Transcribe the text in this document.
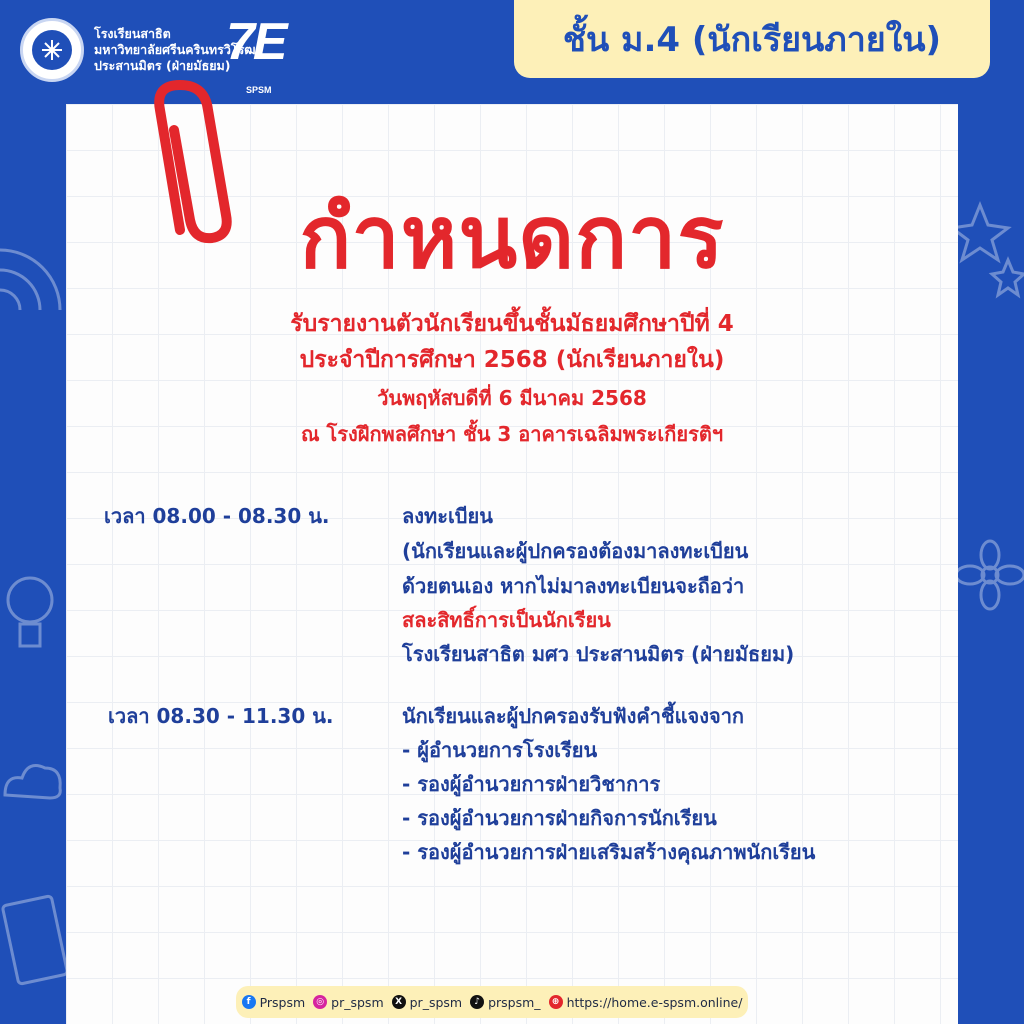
โรงเรียนสาธิต
มหาวิทยาลัยศรีนครินทรวิโรฒ
ประสานมิตร (ฝ่ายมัธยม)
7E
SPSM
ชั้น ม.4 (นักเรียนภายใน)
กำหนดการ
รับรายงานตัวนักเรียนขึ้นชั้นมัธยมศึกษาปีที่ 4
ประจำปีการศึกษา 2568 (นักเรียนภายใน)
วันพฤหัสบดีที่ 6 มีนาคม 2568
ณ โรงฝึกพลศึกษา ชั้น 3 อาคารเฉลิมพระเกียรติฯ
เวลา 08.00 - 08.30 น.	ลงทะเบียน
(นักเรียนและผู้ปกครองต้องมาลงทะเบียน
ด้วยตนเอง หากไม่มาลงทะเบียนจะถือว่า
สละสิทธิ์การเป็นนักเรียน
โรงเรียนสาธิต มศว ประสานมิตร (ฝ่ายมัธยม)
เวลา 08.30 - 11.30 น.	นักเรียนและผู้ปกครองรับฟังคำชี้แจงจาก
- ผู้อำนวยการโรงเรียน
- รองผู้อำนวยการฝ่ายวิชาการ
- รองผู้อำนวยการฝ่ายกิจการนักเรียน
- รองผู้อำนวยการฝ่ายเสริมสร้างคุณภาพนักเรียน
f Prspsm	◎ pr_spsm	X pr_spsm	♪ prspsm_	⊕ https://home.e-spsm.online/
